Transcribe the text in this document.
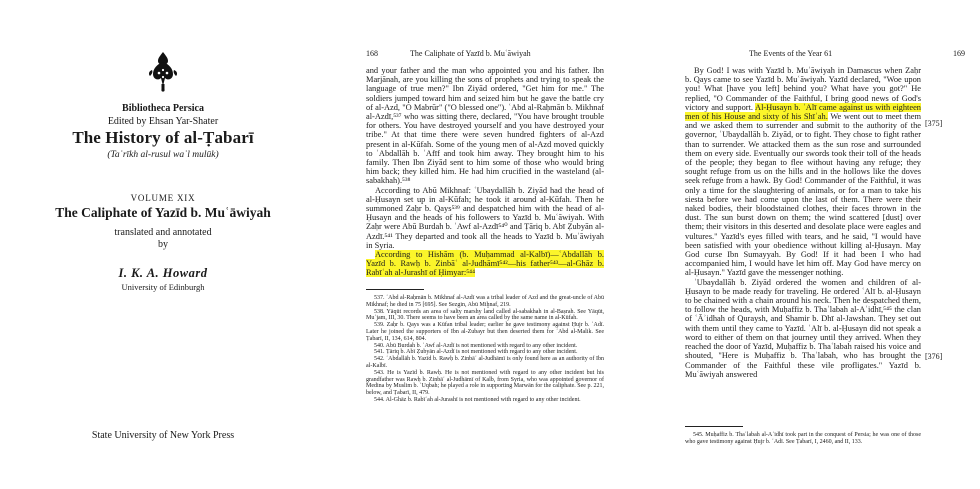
Bibliotheca Persica
Edited by Ehsan Yar-Shater
The History of al-Ṭabarī
(Taʾrīkh al-rusul waʾl mulūk)
VOLUME XIX
The Caliphate of Yazīd b. Muʿāwiyah
translated and annotated
by
I. K. A. Howard
University of Edinburgh
State University of New York Press
168	The Caliphate of Yazīd b. Muʿāwiyah

and your father and the man who appointed you and his father. Ibn Marjānah, are you killing the sons of prophets and trying to speak the language of true men?" Ibn Ziyād ordered, "Get him for me." The soldiers jumped toward him and seized him but he gave the battle cry of al-Azd, "O Mabrūr" ("O blessed one"). ʿAbd al-Raḥmān b. Mikhnaf al-Azdī,⁵³⁷ who was sitting there, declared, "You have brought trouble for others. You have destroyed yourself and you have destroyed your tribe." At that time there were seven hundred fighters of al-Azd present in al-Kūfah. Some of the young men of al-Azd moved quickly to ʿAbdallāh b. ʿAfīf and took him away. They brought him to his family. Then Ibn Ziyād sent to him some of those who would bring him back; they killed him. He had him crucified in the wasteland (al-sabakhah).⁵³⁸

According to Abū Mikhnaf: ʿUbaydallāh b. Ziyād had the head of al-Ḥusayn set up in al-Kūfah; he took it around al-Kūfah. Then he summoned Zaḥr b. Qays⁵³⁹ and despatched him with the head of al-Ḥusayn and the heads of his followers to Yazīd b. Muʿāwiyah. With Zaḥr were Abū Burdah b. ʿAwf al-Azdī⁵⁴⁰ and Ṭāriq b. Abī Ẓubyān al-Azdī.⁵⁴¹ They departed and took all the heads to Yazīd b. Muʿāwiyah in Syria.

According to Hishām (b. Muḥammad al-Kalbī)—ʿAbdallāh b. Yazīd b. Rawḥ b. Zinbāʿ al-Judhāmī⁵⁴²—his father⁵⁴³—al-Ghāz b. Rabīʿah al-Jurashī of Ḥimyar:⁵⁴⁴

537. ʿAbd al-Raḥmān b. Mikhnaf al-Azdī was a tribal leader of Azd and the great-uncle of Abū Mikhnaf; he died in 75 [695]. See Sezgin, Abū Miḫnaf, 219.

538. Yāqūt records an area of salty marshy land called al-sabakhah in al-Baṣrah. See Yāqūt, Muʿjam, III, 30. There seems to have been an area called by the same name in al-Kūfah.

539. Zaḥr b. Qays was a Kūfan tribal leader; earlier he gave testimony against Ḥujr b. ʿAdī. Later he joined the supporters of Ibn al-Zubayr but then deserted them for ʿAbd al-Malik. See Ṭabarī, II, 134, 614, 804.

540. Abū Burdah b. ʿAwf al-Azdī is not mentioned with regard to any other incident.

541. Ṭāriq b. Abī Ẓubyān al-Azdī is not mentioned with regard to any other incident.

542. ʿAbdallāh b. Yazīd b. Rawḥ b. Zinbāʿ al-Judhāmī is only found here as an authority of Ibn al-Kalbī.

543. He is Yazīd b. Rawḥ. He is not mentioned with regard to any other incident but his grandfather was Rawḥ b. Zinbāʿ al-Judhāmī of Kalb, from Syria, who was appointed governor of Medina by Muslim b. ʿUqbah; he played a role in supporting Marwān for the caliphate. See p. 221, below, and Ṭabarī, II, 479.

544. Al-Ghāz b. Rabīʿah al-Jurashī is not mentioned with regard to any other incident.

The Events of the Year 61	169

By God! I was with Yazīd b. Muʿāwiyah in Damascus when Zaḥr b. Qays came to see Yazīd b. Muʿāwiyah. Yazīd declared, "Woe upon you! What [have you left] behind you? What have you got?" He replied, "O Commander of the Faithful, I bring good news of God's victory and support. Al-Ḥusayn b. ʿAlī came against us with eighteen men of his House and sixty of his Shīʿah. We went out to meet them and we asked them to surrender and submit to the authority of the governor, ʿUbaydallāh b. Ziyād, or to fight. They chose to fight rather than to surrender. We attacked them as the sun rose and surrounded them on every side. Eventually our swords took their toll of the heads of the people; they began to flee without having any refuge; they sought refuge from us on the hills and in the hollows like the doves seek refuge from a hawk. By God! Commander of the Faithful, it was only a time for the slaughtering of animals, or for a man to take his siesta before we had come upon the last of them. There were their naked bodies, their bloodstained clothes, their faces thrown in the dust. The sun burst down on them; the wind scattered [dust] over them; their visitors in this deserted and desolate place were eagles and vultures." Yazīd's eyes filled with tears, and he said, "I would have been satisfied with your obedience without killing al-Ḥusayn. May God curse Ibn Sumayyah. By God! If it had been I who had accompanied him, I would have let him off. May God have mercy on al-Ḥusayn." Yazīd gave the messenger nothing.

ʿUbaydallāh b. Ziyād ordered the women and children of al-Ḥusayn to be made ready for traveling. He ordered ʿAlī b. al-Ḥusayn to be chained with a chain around his neck. Then he despatched them, to follow the heads, with Muḥaffiz b. Thaʿlabah al-Aʿidhī,⁵⁴⁵ the clan of ʿĀʾidhah of Quraysh, and Shamir b. Dhī al-Jawshan. They set out with them until they came to Yazīd. ʿAlī b. al-Ḥusayn did not speak a word to either of them on that journey until they arrived. When they reached the door of Yazīd, Muḥaffiz b. Thaʿlabah raised his voice and shouted, "Here is Muḥaffiz b. Thaʿlabah, who has brought the Commander of the Faithful these vile profligates." Yazīd b. Muʿāwiyah answered

[375]
[376]

545. Muḥaffiz b. Thaʿlabah al-Aʿidhī took part in the conquest of Persia; he was one of those who gave testimony against Ḥujr b. ʿAdī. See Ṭabarī, I, 2460, and II, 133.
